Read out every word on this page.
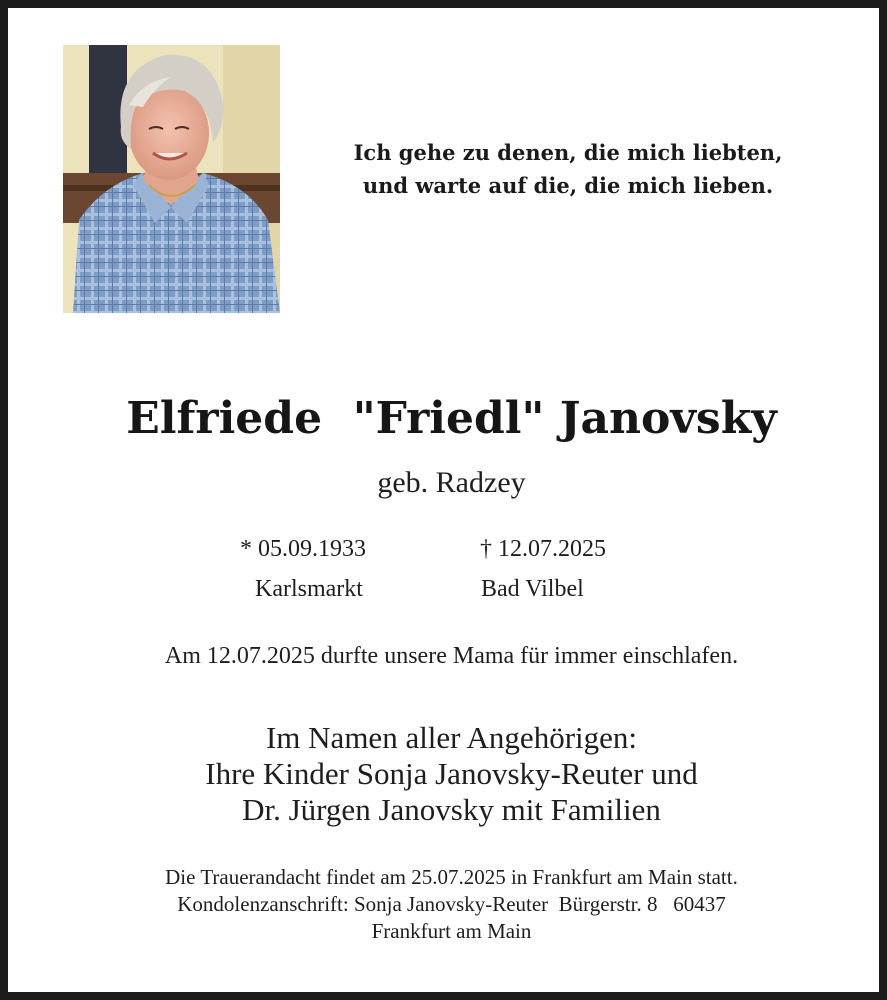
Ich gehe zu denen, die mich liebten,
und warte auf die, die mich lieben.
Elfriede  "Friedl" Janovsky
geb. Radzey
* 05.09.1933
Karlsmarkt
† 12.07.2025
Bad Vilbel
Am 12.07.2025 durfte unsere Mama für immer einschlafen.
Im Namen aller Angehörigen:
Ihre Kinder Sonja Janovsky-Reuter und
Dr. Jürgen Janovsky mit Familien
Die Trauerandacht findet am 25.07.2025 in Frankfurt am Main statt.
Kondolenzanschrift: Sonja Janovsky-Reuter  Bürgerstr. 8   60437
Frankfurt am Main
